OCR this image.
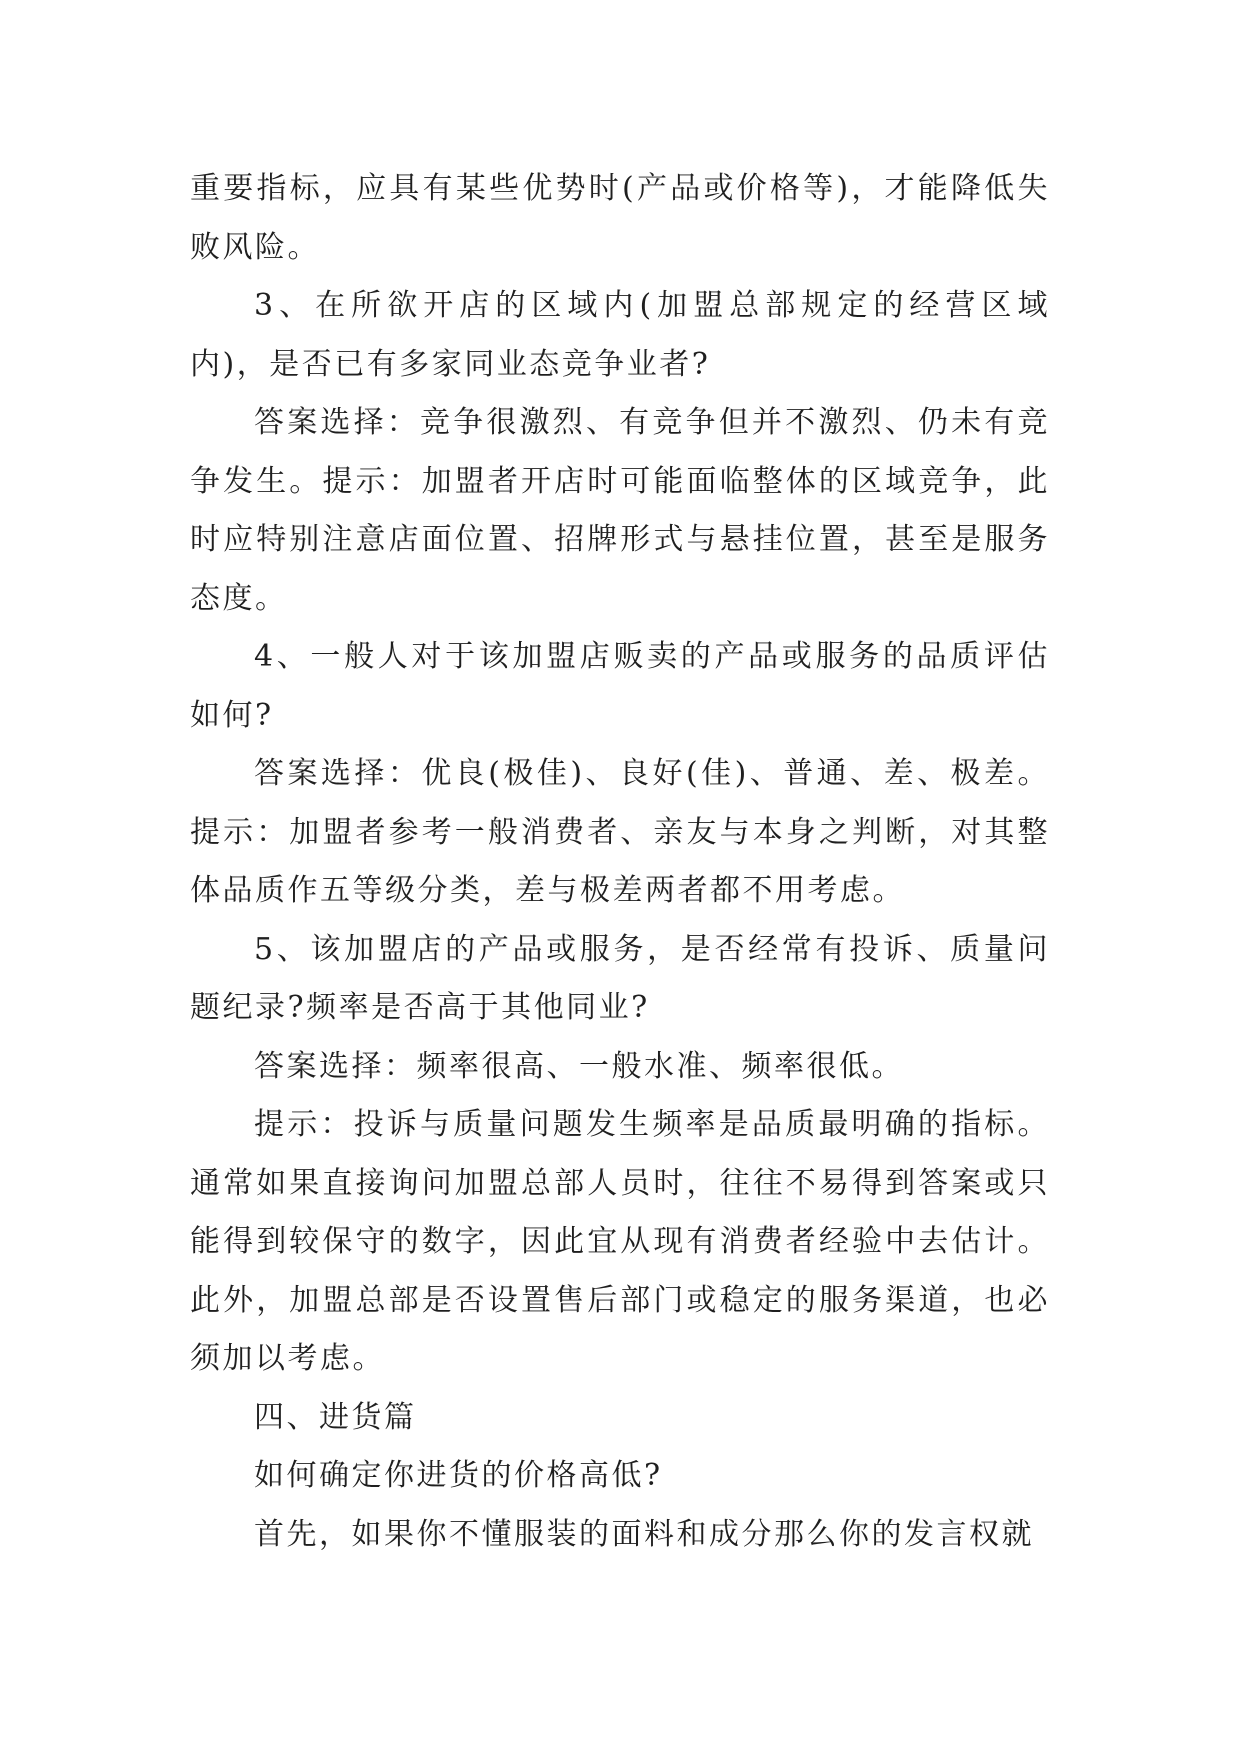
重要指标，应具有某些优势时(产品或价格等)，才能降低失败风险。

3、在所欲开店的区域内(加盟总部规定的经营区域内)，是否已有多家同业态竞争业者?

答案选择：竞争很激烈、有竞争但并不激烈、仍未有竞争发生。提示：加盟者开店时可能面临整体的区域竞争，此时应特别注意店面位置、招牌形式与悬挂位置，甚至是服务态度。

4、一般人对于该加盟店贩卖的产品或服务的品质评估如何?

答案选择：优良(极佳)、良好(佳)、普通、差、极差。提示：加盟者参考一般消费者、亲友与本身之判断，对其整体品质作五等级分类，差与极差两者都不用考虑。

5、该加盟店的产品或服务，是否经常有投诉、质量问题纪录?频率是否高于其他同业?

答案选择：频率很高、一般水准、频率很低。

提示：投诉与质量问题发生频率是品质最明确的指标。通常如果直接询问加盟总部人员时，往往不易得到答案或只能得到较保守的数字，因此宜从现有消费者经验中去估计。此外，加盟总部是否设置售后部门或稳定的服务渠道，也必须加以考虑。

四、进货篇

如何确定你进货的价格高低?

首先，如果你不懂服装的面料和成分那么你的发言权就
